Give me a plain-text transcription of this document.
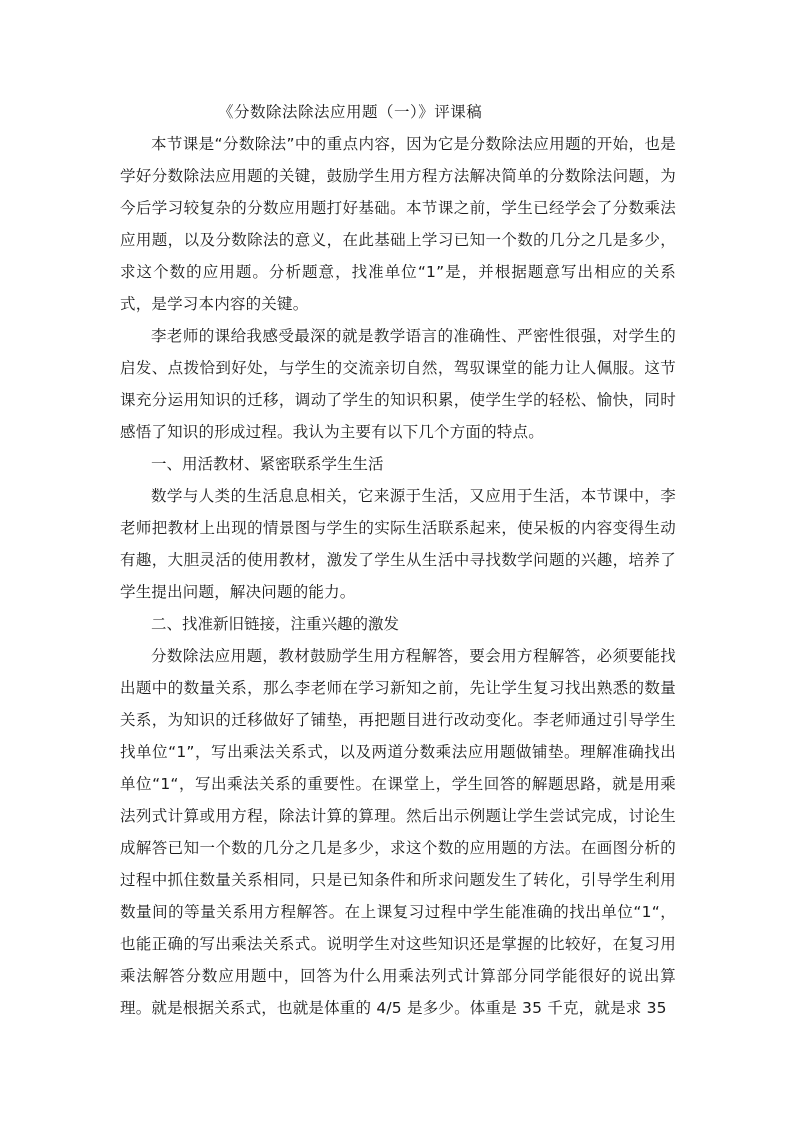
《分数除法除法应用题（一）》评课稿

本节课是“分数除法”中的重点内容，因为它是分数除法应用题的开始，也是学好分数除法应用题的关键，鼓励学生用方程方法解决简单的分数除法问题，为今后学习较复杂的分数应用题打好基础。本节课之前，学生已经学会了分数乘法应用题，以及分数除法的意义，在此基础上学习已知一个数的几分之几是多少，求这个数的应用题。分析题意，找准单位“1”是，并根据题意写出相应的关系式，是学习本内容的关键。

李老师的课给我感受最深的就是教学语言的准确性、严密性很强，对学生的启发、点拨恰到好处，与学生的交流亲切自然，驾驭课堂的能力让人佩服。这节课充分运用知识的迁移，调动了学生的知识积累，使学生学的轻松、愉快，同时感悟了知识的形成过程。我认为主要有以下几个方面的特点。

一、用活教材、紧密联系学生生活

数学与人类的生活息息相关，它来源于生活，又应用于生活，本节课中，李老师把教材上出现的情景图与学生的实际生活联系起来，使呆板的内容变得生动有趣，大胆灵活的使用教材，激发了学生从生活中寻找数学问题的兴趣，培养了学生提出问题，解决问题的能力。

二、找准新旧链接，注重兴趣的激发

分数除法应用题，教材鼓励学生用方程解答，要会用方程解答，必须要能找出题中的数量关系，那么李老师在学习新知之前，先让学生复习找出熟悉的数量关系，为知识的迁移做好了铺垫，再把题目进行改动变化。李老师通过引导学生找单位“1”，写出乘法关系式，以及两道分数乘法应用题做铺垫。理解准确找出单位“1“，写出乘法关系的重要性。在课堂上，学生回答的解题思路，就是用乘法列式计算或用方程，除法计算的算理。然后出示例题让学生尝试完成，讨论生成解答已知一个数的几分之几是多少，求这个数的应用题的方法。在画图分析的过程中抓住数量关系相同，只是已知条件和所求问题发生了转化，引导学生利用数量间的等量关系用方程解答。在上课复习过程中学生能准确的找出单位“1“，也能正确的写出乘法关系式。说明学生对这些知识还是掌握的比较好，在复习用乘法解答分数应用题中，回答为什么用乘法列式计算部分同学能很好的说出算理。就是根据关系式，也就是体重的 4/5 是多少。体重是 35 千克，就是求 35
